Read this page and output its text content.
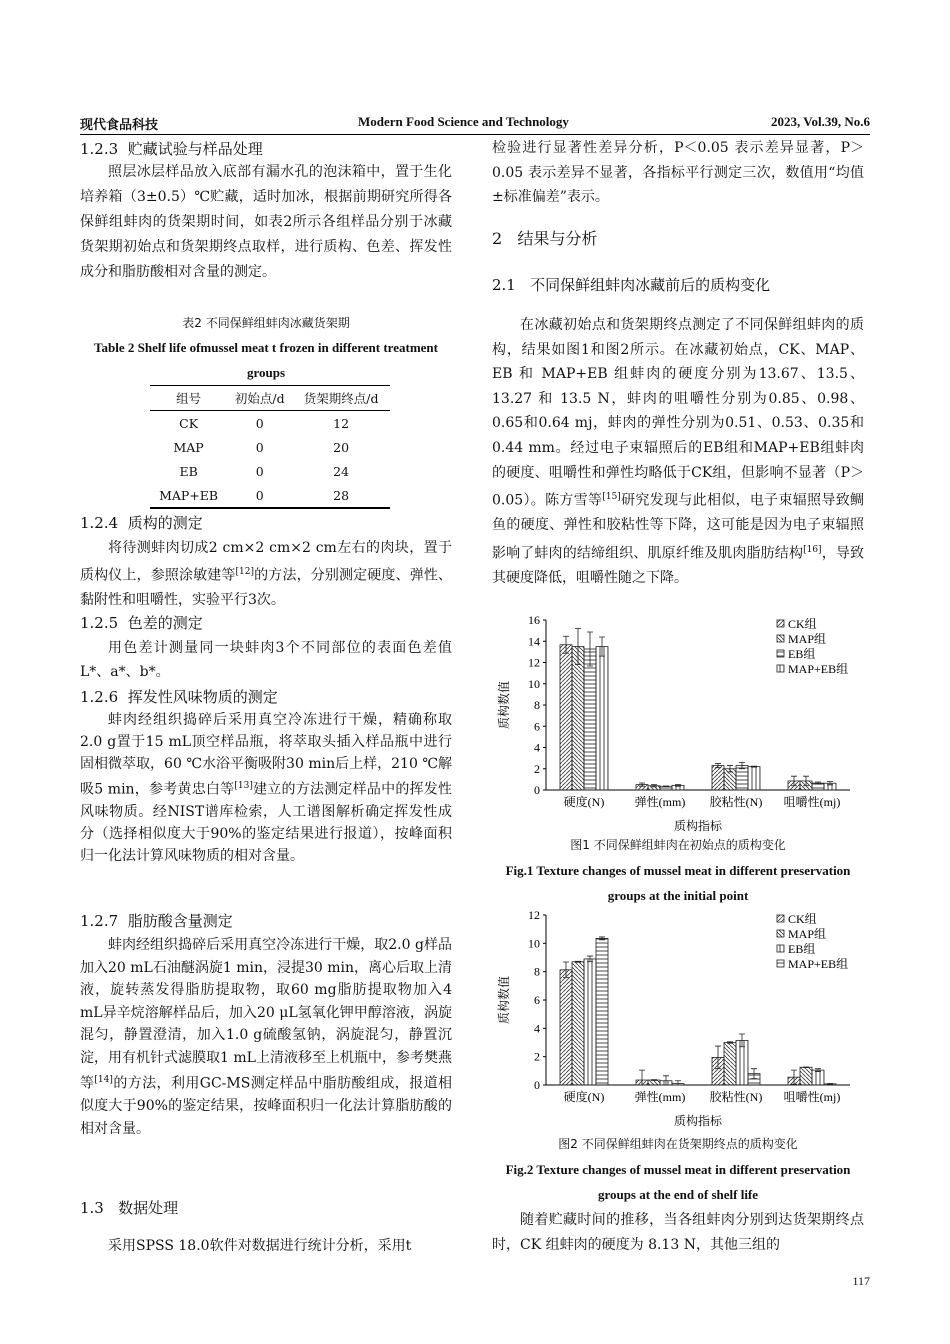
现代食品科技	Modern Food Science and Technology	2023, Vol.39, No.6
1.2.3 贮藏试验与样品处理
照层冰层样品放入底部有漏水孔的泡沫箱中，置于生化培养箱（3±0.5）℃贮藏，适时加冰，根据前期研究所得各保鲜组蚌肉的货架期时间，如表2所示各组样品分别于冰藏货架期初始点和货架期终点取样，进行质构、色差、挥发性成分和脂肪酸相对含量的测定。
表2 不同保鲜组蚌肉冰藏货架期
Table 2 Shelf life ofmussel meat t frozen in different treatment groups
组号	初始点/d	货架期终点/d
CK	0	12
MAP	0	20
EB	0	24
MAP+EB	0	28
1.2.4 质构的测定
将待测蚌肉切成2 cm×2 cm×2 cm左右的肉块，置于质构仪上，参照涂敏建等[12]的方法，分别测定硬度、弹性、黏附性和咀嚼性，实验平行3次。
1.2.5 色差的测定
用色差计测量同一块蚌肉3个不同部位的表面色差值L*、a*、b*。
1.2.6 挥发性风味物质的测定
蚌肉经组织捣碎后采用真空冷冻进行干燥，精确称取2.0 g置于15 mL顶空样品瓶，将萃取头插入样品瓶中进行固相微萃取，60 ℃水浴平衡吸附30 min后上样，210 ℃解吸5 min，参考黄忠白等[13]建立的方法测定样品中的挥发性风味物质。经NIST谱库检索，人工谱图解析确定挥发性成分（选择相似度大于90%的鉴定结果进行报道），按峰面积归一化法计算风味物质的相对含量。
1.2.7 脂肪酸含量测定
蚌肉经组织捣碎后采用真空冷冻进行干燥，取2.0 g样品加入20 mL石油醚涡旋1 min，浸提30 min，离心后取上清液，旋转蒸发得脂肪提取物，取60 mg脂肪提取物加入4 mL异辛烷溶解样品后，加入20 μL氢氧化钾甲醇溶液，涡旋混匀，静置澄清，加入1.0 g硫酸氢钠，涡旋混匀，静置沉淀，用有机针式滤膜取1 mL上清液移至上机瓶中，参考樊燕等[14]的方法，利用GC-MS测定样品中脂肪酸组成，报道相似度大于90%的鉴定结果，按峰面积归一化法计算脂肪酸的相对含量。
1.3 数据处理
采用SPSS 18.0软件对数据进行统计分析，采用t
检验进行显著性差异分析，P＜0.05 表示差异显著，P＞0.05 表示差异不显著，各指标平行测定三次，数值用“均值±标准偏差”表示。
2 结果与分析
2.1 不同保鲜组蚌肉冰藏前后的质构变化
在冰藏初始点和货架期终点测定了不同保鲜组蚌肉的质构，结果如图1和图2所示。在冰藏初始点，CK、MAP、EB 和 MAP+EB 组蚌肉的硬度分别为13.67、13.5、13.27 和 13.5 N，蚌肉的咀嚼性分别为0.85、0.98、0.65和0.64 mj，蚌肉的弹性分别为0.51、0.53、0.35和0.44 mm。经过电子束辐照后的EB组和MAP+EB组蚌肉的硬度、咀嚼性和弹性均略低于CK组，但影响不显著（P＞0.05）。陈方雪等[15]研究发现与此相似，电子束辐照导致鲷鱼的硬度、弹性和胶粘性等下降，这可能是因为电子束辐照影响了蚌肉的结缔组织、肌原纤维及肌肉脂肪结构[16]，导致其硬度降低，咀嚼性随之下降。
0
2
4
6
8
10
12
14
16
硬度(N)	弹性(mm) 胶粘性(N) 咀嚼性(mj)
CK组
MAP组
EB组
MAP+EB组
质构指标
质构数值
图1 不同保鲜组蚌肉在初始点的质构变化
Fig.1 Texture changes of mussel meat in different preservation groups at the initial point
0
2
4
6
8
10
12
硬度(N)	弹性(mm) 胶粘性(N) 咀嚼性(mj)
CK组
MAP组
EB组
MAP+EB组
质构指标
质构数值
图2 不同保鲜组蚌肉在货架期终点的质构变化
Fig.2 Texture changes of mussel meat in different preservation groups at the end of shelf life
随着贮藏时间的推移，当各组蚌肉分别到达货架期终点时，CK 组蚌肉的硬度为 8.13 N，其他三组的
117
